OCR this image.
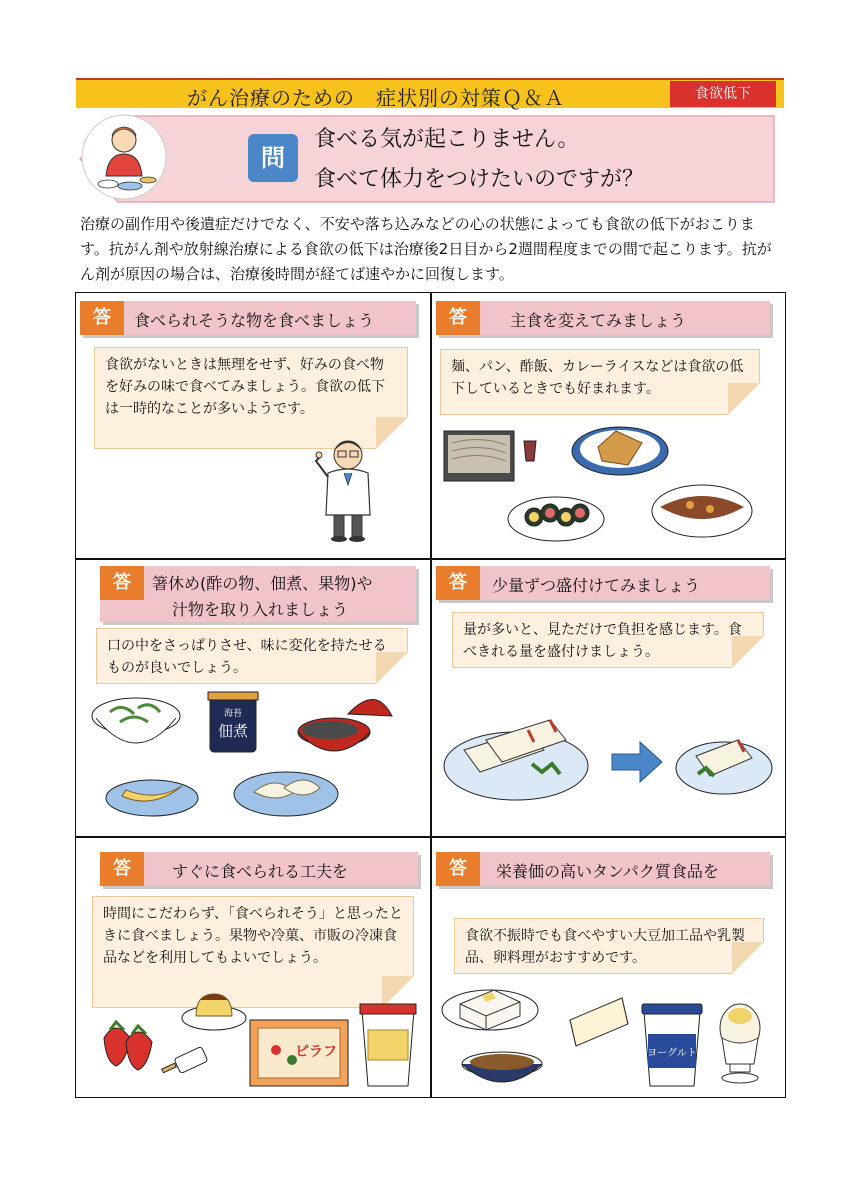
がん治療のための　症状別の対策Ｑ＆Ａ	食欲低下
問
食べる気が起こりません。
食べて体力をつけたいのですが？
治療の副作用や後遺症だけでなく、不安や落ち込みなどの心の状態によっても食欲の低下がおこります。抗がん剤や放射線治療による食欲の低下は治療後2日目から2週間程度までの間で起こります。抗がん剤が原因の場合は、治療後時間が経てば速やかに回復します。
答	食べられそうな物を食べましょう
食欲がないときは無理をせず、好みの食べ物を好みの味で食べてみましょう。食欲の低下は一時的なことが多いようです。
答	主食を変えてみましょう
麺、パン、酢飯、カレーライスなどは食欲の低下しているときでも好まれます。
答	箸休め(酢の物、佃煮、果物)や
汁物を取り入れましょう
口の中をさっぱりさせ、味に変化を持たせるものが良いでしょう。
海苔
佃煮
答	少量ずつ盛付けてみましょう
量が多いと、見ただけで負担を感じます。食べきれる量を盛付けましょう。
答	すぐに食べられる工夫を
時間にこだわらず、「食べられそう」と思ったときに食べましょう。果物や冷菓、市販の冷凍食品などを利用してもよいでしょう。
ピラフ
答	栄養価の高いタンパク質食品を
食欲不振時でも食べやすい大豆加工品や乳製品、卵料理がおすすめです。
ヨーグルト
